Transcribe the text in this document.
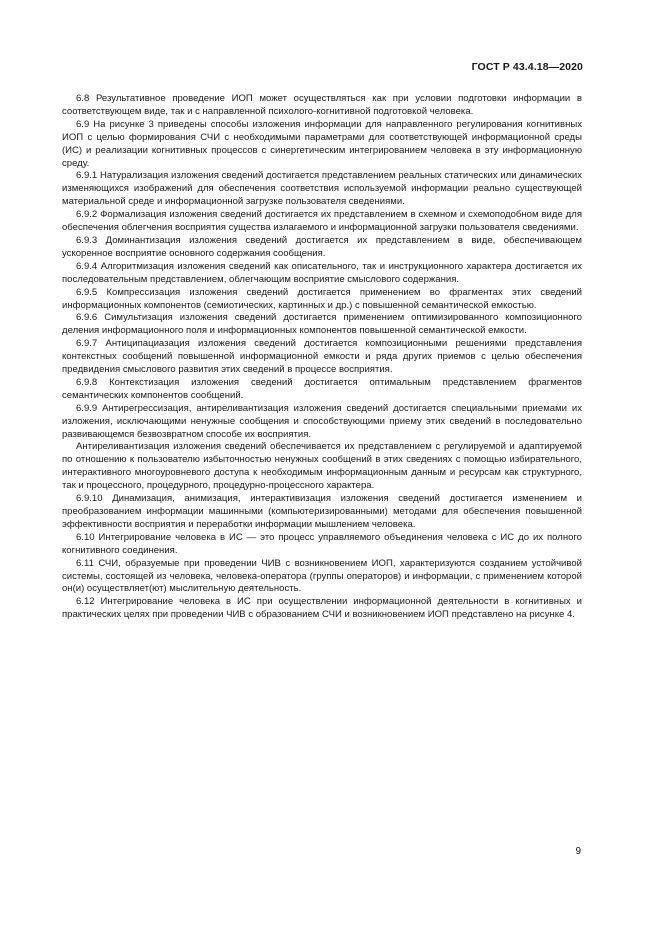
ГОСТ Р 43.4.18—2020

6.8 Результативное проведение ИОП может осуществляться как при условии подготовки информации в соответствующем виде, так и с направленной психолого-когнитивной подготовкой человека.

6.9 На рисунке 3 приведены способы изложения информации для направленного регулирования когнитивных ИОП с целью формирования СЧИ с необходимыми параметрами для соответствующей информационной среды (ИС) и реализации когнитивных процессов с синергетическим интегрированием человека в эту информационную среду.

6.9.1 Натурализация изложения сведений достигается представлением реальных статических или динамических изменяющихся изображений для обеспечения соответствия используемой информации реально существующей материальной среде и информационной загрузке пользователя сведениями.

6.9.2 Формализация изложения сведений достигается их представлением в схемном и схемоподобном виде для обеспечения облегчения восприятия существа излагаемого и информационной загрузки пользователя сведениями.

6.9.3 Доминантизация изложения сведений достигается их представлением в виде, обеспечивающем ускоренное восприятие основного содержания сообщения.

6.9.4 Алгоритмизация изложения сведений как описательного, так и инструкционного характера достигается их последовательным представлением, облегчающим восприятие смыслового содержания.

6.9.5 Компрессизация изложения сведений достигается применением во фрагментах этих сведений информационных компонентов (семиотических, картинных и др.) с повышенной семантической емкостью.

6.9.6 Симультизация изложения сведений достигается применением оптимизированного композиционного деления информационного поля и информационных компонентов повышенной семантической емкости.

6.9.7 Антиципациазация изложения сведений достигается композиционными решениями представления контекстных сообщений повышенной информационной емкости и ряда других приемов с целью обеспечения предвидения смыслового развития этих сведений в процессе восприятия.

6.9.8 Контекстизация изложения сведений достигается оптимальным представлением фрагментов семантических компонентов сообщений.

6.9.9 Антирегрессизация, антиреливантизация изложения сведений достигается специальными приемами их изложения, исключающими ненужные сообщения и способствующими приему этих сведений в последовательно развивающемся безвозвратном способе их восприятия.

Антиреливантизация изложения сведений обеспечивается их представлением с регулируемой и адаптируемой по отношению к пользователю избыточностью ненужных сообщений в этих сведениях с помощью избирательного, интерактивного многоуровневого доступа к необходимым информационным данным и ресурсам как структурного, так и процессного, процедурного, процедурно-процессного характера.

6.9.10 Динамизация, анимизация, интерактивизация изложения сведений достигается изменением и преобразованием информации машинными (компьютеризированными) методами для обеспечения повышенной эффективности восприятия и переработки информации мышлением человека.

6.10 Интегрирование человека в ИС — это процесс управляемого объединения человека с ИС до их полного когнитивного соединения.

6.11 СЧИ, образуемые при проведении ЧИВ с возникновением ИОП, характеризуются созданием устойчивой системы, состоящей из человека, человека-оператора (группы операторов) и информации, с применением которой он(и) осуществляет(ют) мыслительную деятельность.

6.12 Интегрирование человека в ИС при осуществлении информационной деятельности в когнитивных и практических целях при проведении ЧИВ с образованием СЧИ и возникновением ИОП представлено на рисунке 4.

9
